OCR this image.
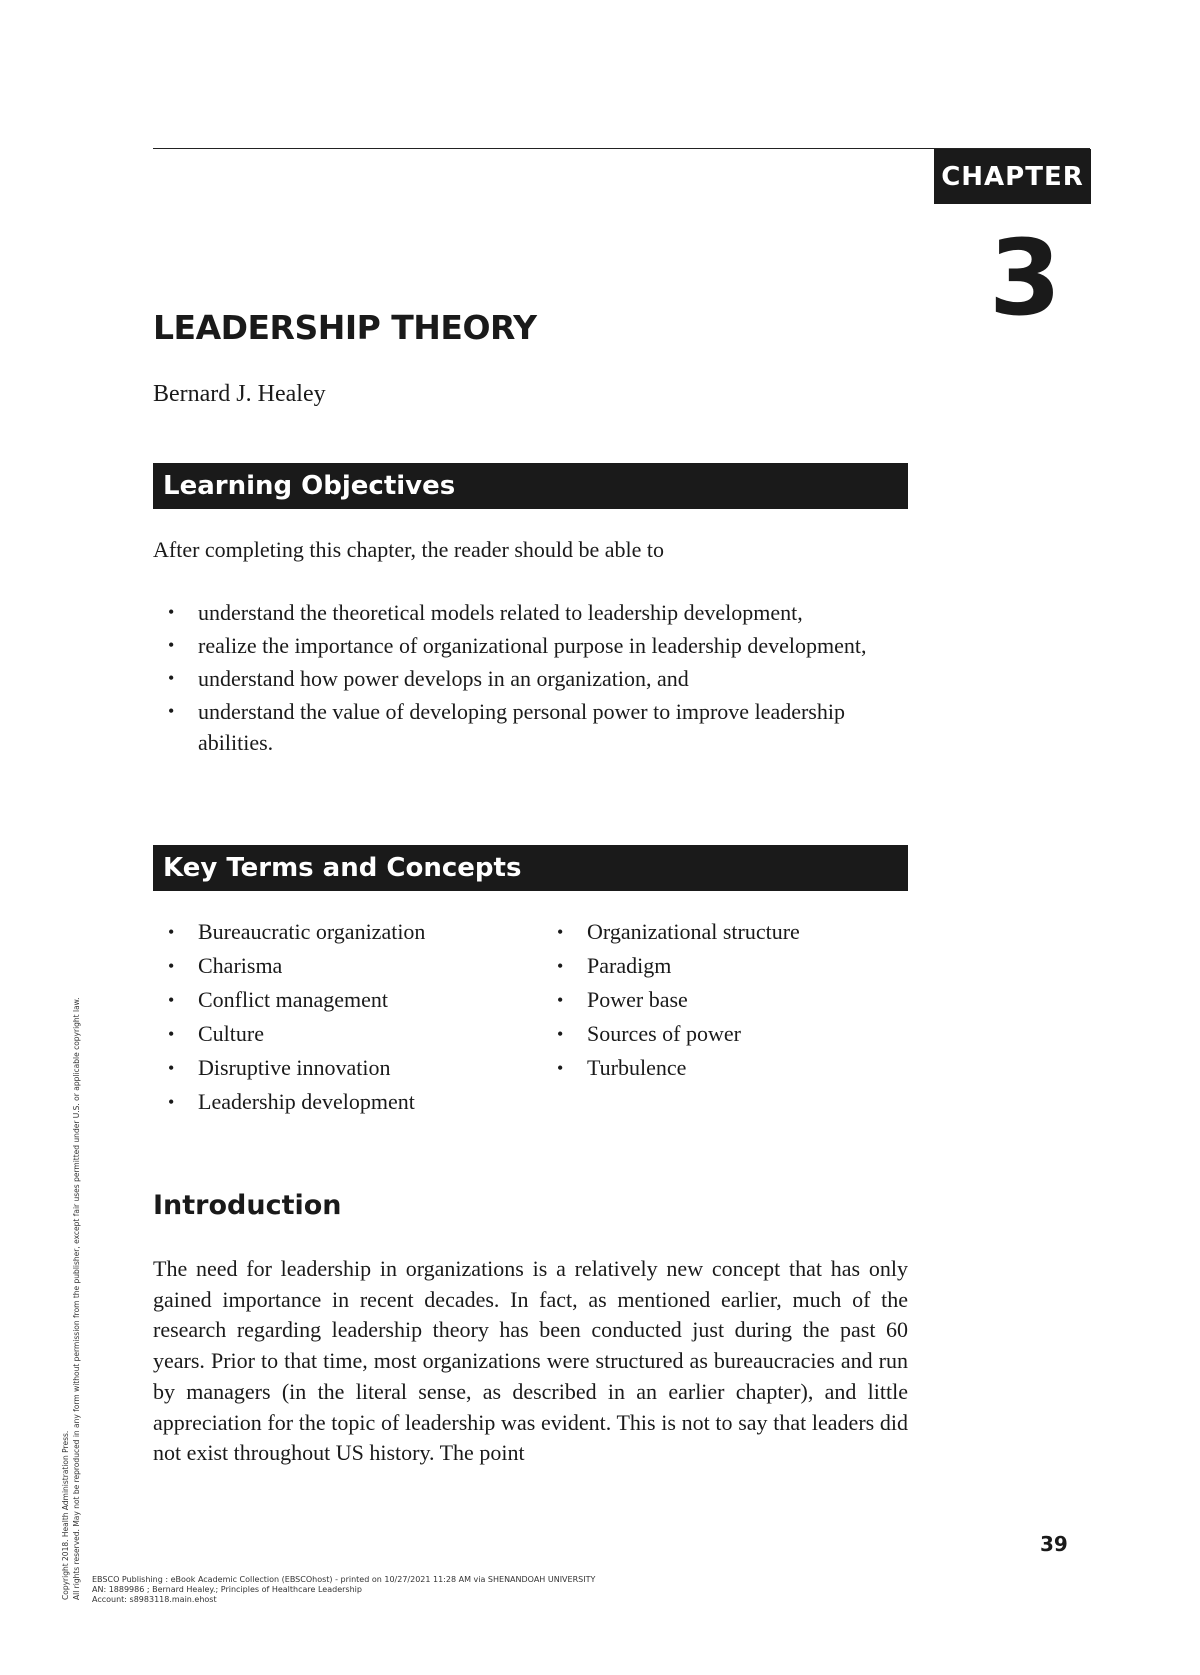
CHAPTER
3
LEADERSHIP THEORY
Bernard J. Healey
Learning Objectives
After completing this chapter, the reader should be able to
• understand the theoretical models related to leadership development,
• realize the importance of organizational purpose in leadership development,
• understand how power develops in an organization, and
• understand the value of developing personal power to improve leadership abilities.
Key Terms and Concepts
• Bureaucratic organization
• Charisma
• Conflict management
• Culture
• Disruptive innovation
• Leadership development
• Organizational structure
• Paradigm
• Power base
• Sources of power
• Turbulence
Introduction

The need for leadership in organizations is a relatively new concept that has only gained importance in recent decades. In fact, as mentioned earlier, much of the research regarding leadership theory has been conducted just during the past 60 years. Prior to that time, most organizations were structured as bureaucracies and run by managers (in the literal sense, as described in an earlier chapter), and little appreciation for the topic of leadership was evident. This is not to say that leaders did not exist throughout US history. The point

39
Copyright 2018. Health Administration Press. All rights reserved. May not be reproduced in any form without permission from the publisher, except fair uses permitted under U.S. or applicable copyright law. EBSCO Publishing : eBook Academic Collection (EBSCOhost) - printed on 10/27/2021 11:28 AM via SHENANDOAH UNIVERSITY
AN: 1889986 ; Bernard Healey.; Principles of Healthcare Leadership
Account: s8983118.main.ehost
